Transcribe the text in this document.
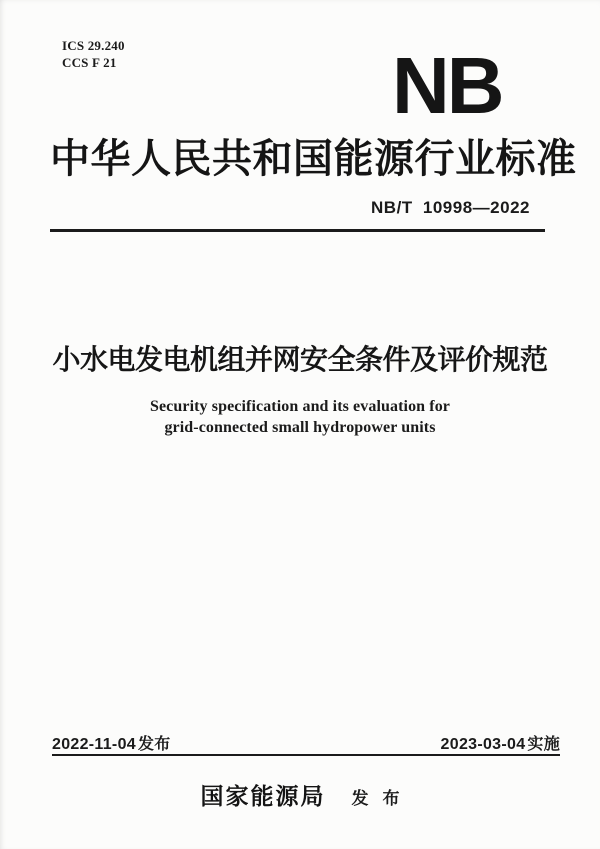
ICS 29.240
CCS F 21	NB
中华人民共和国能源行业标准
NB/T 10998—2022
小水电发电机组并网安全条件及评价规范
Security specification and its evaluation for
grid-connected small hydropower units
2022-11-04 发布	2023-03-04 实施
国家能源局 发布
